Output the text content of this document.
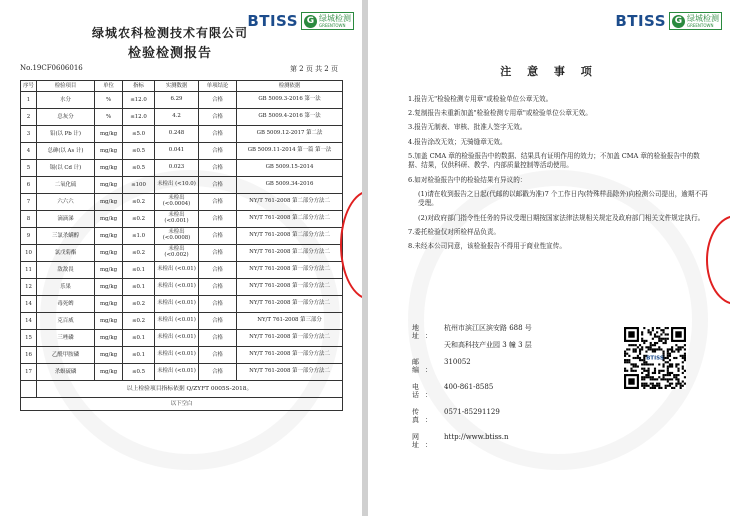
BTISS G 绿城检测
GREENTOWN
绿城农科检测技术有限公司
检验检测报告
No.19CF0606016	第 2 页 共 2 页
序号	检验项目	单位	指标	实测数据	单项结论	检测依据
1	水分	%	≤12.0	6.29	合格	GB 5009.3-2016 第一法
2	总灰分	%	≤12.0	4.2	合格	GB 5009.4-2016 第一法
3	铅(以 Pb 计)	mg/kg	≤5.0	0.248	合格	GB 5009.12-2017 第二法
4	总砷(以 As 计)	mg/kg	≤0.5	0.041	合格	GB 5009.11-2014 第一篇 第一法
5	镉(以 Cd 计)	mg/kg	≤0.5	0.023	合格	GB 5009.15-2014
6	二氧化硫	mg/kg	≤100	未检出 (<10.0)	合格	GB 5009.34-2016
7	六六六	mg/kg	≤0.2	未检出 (<0.0004)	合格	NY/T 761-2008 第二部分方法二
8	滴滴涕	mg/kg	≤0.2	未检出 (<0.001)	合格	NY/T 761-2008 第二部分方法二
9	三氯杀螨醇	mg/kg	≤1.0	未检出 (<0.0008)	合格	NY/T 761-2008 第二部分方法二
10	氯戊菊酯	mg/kg	≤0.2	未检出 (<0.002)	合格	NY/T 761-2008 第二部分方法二
11	敌敌畏	mg/kg	≤0.1	未检出 (<0.01)	合格	NY/T 761-2008 第一部分方法二
12	乐果	mg/kg	≤0.1	未检出 (<0.01)	合格	NY/T 761-2008 第一部分方法二
14	毒死蜱	mg/kg	≤0.2	未检出 (<0.01)	合格	NY/T 761-2008 第一部分方法二
14	克百威	mg/kg	≤0.2	未检出 (<0.01)	合格	NY/T 761-2008 第三部分
15	三唑磷	mg/kg	≤0.1	未检出 (<0.01)	合格	NY/T 761-2008 第一部分方法二
16	乙酰甲胺磷	mg/kg	≤0.1	未检出 (<0.01)	合格	NY/T 761-2008 第一部分方法二
17	杀螟硫磷	mg/kg	≤0.5	未检出 (<0.01)	合格	NY/T 761-2008 第一部分方法二
	以上检验项目指标依据 Q/ZYFT 0005S-2018。					
以下空白						
BTISS G 绿城检测
GREENTOWN
注 意 事 项
1.报告无"检验检测专用章"或检验单位公章无效。
2.复制报告未重新加盖"检验检测专用章"或检验单位公章无效。
3.报告无制表、审核、批准人签字无效。
4.报告涂改无效；无骑缝章无效。
5.加盖 CMA 章的检验报告中的数据、结果具有证明作用的效力；不加盖 CMA 章的检验报告中的数据、结果，仅供科研、教学、内部质量控制等活动使用。
6.如对检验报告中的检验结果有异议的：
(1)请在收到报告之日起(代邮的以邮戳为准)7 个工作日内(特殊样品除外)向检测公司提出，逾期不再受理。
(2)对政府部门指令性任务的异议受理日期按国家法律法规相关规定及政府部门相关文件规定执行。
7.委托检验仅对所检样品负责。
8.未经本公司同意，该检验报告不得用于商业性宣传。
地址：
杭州市滨江区滨安路 688 号
天和高科技产业园 3 幢 3 层
邮编：
310052
电话：
400-861-8585
传真：
0571-85291129
网址：
http://www.btiss.n
BTISS
